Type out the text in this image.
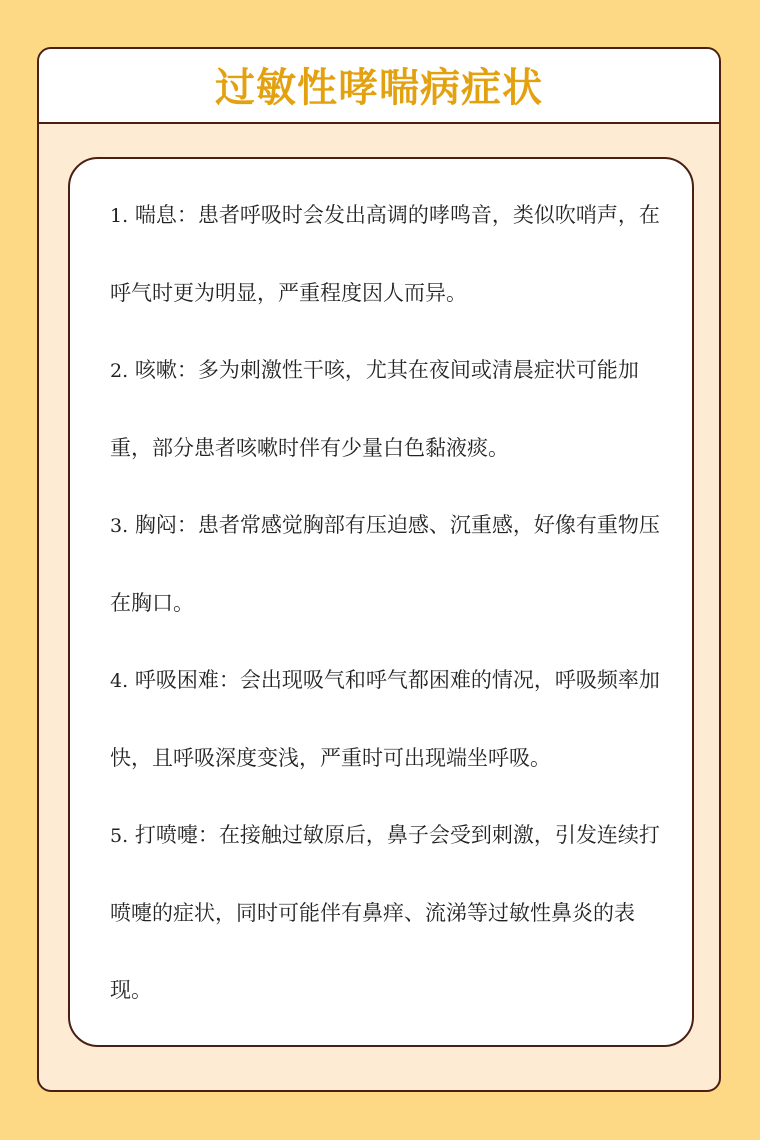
过敏性哮喘病症状

1. 喘息：患者呼吸时会发出高调的哮鸣音，类似吹哨声，在呼气时更为明显，严重程度因人而异。

2. 咳嗽：多为刺激性干咳，尤其在夜间或清晨症状可能加重，部分患者咳嗽时伴有少量白色黏液痰。

3. 胸闷：患者常感觉胸部有压迫感、沉重感，好像有重物压在胸口。

4. 呼吸困难：会出现吸气和呼气都困难的情况，呼吸频率加快，且呼吸深度变浅，严重时可出现端坐呼吸。

5. 打喷嚏：在接触过敏原后，鼻子会受到刺激，引发连续打喷嚏的症状，同时可能伴有鼻痒、流涕等过敏性鼻炎的表现。
